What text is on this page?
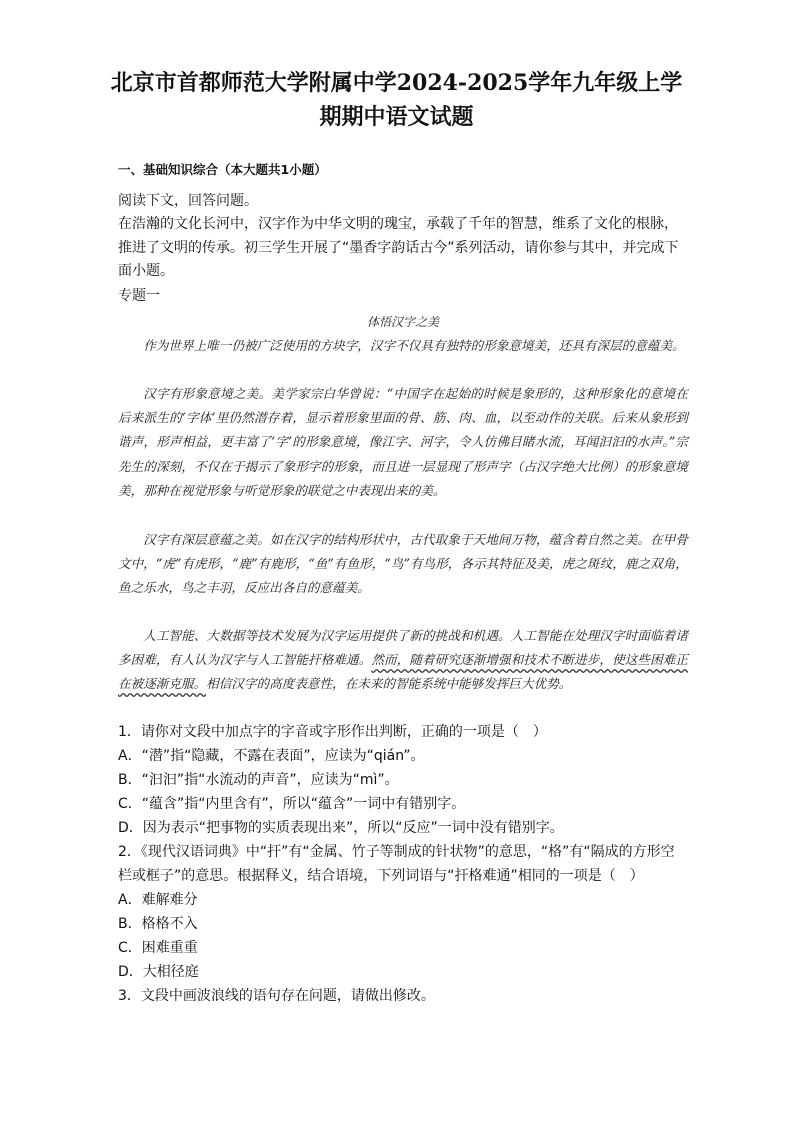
北京市首都师范大学附属中学2024-2025学年九年级上学
期期中语文试题
一、基础知识综合（本大题共1小题）
阅读下文，回答问题。
在浩瀚的文化长河中，汉字作为中华文明的瑰宝，承载了千年的智慧，维系了文化的根脉，推进了文明的传承。初三学生开展了“墨香字韵话古今”系列活动，请你参与其中，并完成下面小题。
专题一
体悟汉字之美
作为世界上唯一仍被广泛使用的方块字，汉字不仅具有独特的形象意境美，还具有深层的意蕴美。
汉字有形象意境之美。美学家宗白华曾说：“中国字在起始的时候是象形的，这种形象化的意境在后来派生的‘字体’里仍然潜存着，显示着形象里面的骨、筋、肉、血，以至动作的关联。后来从象形到谐声，形声相益，更丰富了‘字’的形象意境，像江字、河字，令人仿佛目睹水流，耳闻汩汩的水声。”宗先生的深刻，不仅在于揭示了象形字的形象，而且进一层显现了形声字（占汉字绝大比例）的形象意境美，那种在视觉形象与听觉形象的联觉之中表现出来的美。
汉字有深层意蕴之美。如在汉字的结构形状中，古代取象于天地间万物，蕴含着自然之美。在甲骨文中，“虎”有虎形，“鹿”有鹿形，“鱼”有鱼形，“鸟”有鸟形，各示其特征及美，虎之斑纹，鹿之双角，鱼之乐水，鸟之丰羽，反应出各自的意蕴美。
人工智能、大数据等技术发展为汉字运用提供了新的挑战和机遇。人工智能在处理汉字时面临着诸多困难，有人认为汉字与人工智能扞格难通。然而，随着研究逐渐增强和技术不断进步，使这些困难正在被逐渐克服。相信汉字的高度表意性，在未来的智能系统中能够发挥巨大优势。
1．请你对文段中加点字的字音或字形作出判断，正确的一项是（　）
A．“潜”指“隐藏，不露在表面”，应读为“qián”。
B．“汩汩”指“水流动的声音”，应读为“mì”。
C．“蕴含”指“内里含有”，所以“蕴含”一词中有错别字。
D．因为表示“把事物的实质表现出来”，所以“反应”一词中没有错别字。
2．《现代汉语词典》中“扞”有“金属、竹子等制成的针状物”的意思，“格”有“隔成的方形空栏或框子”的意思。根据释义，结合语境，下列词语与“扞格难通”相同的一项是（　）
A．难解难分
B．格格不入
C．困难重重
D．大相径庭
3．文段中画波浪线的语句存在问题，请做出修改。
